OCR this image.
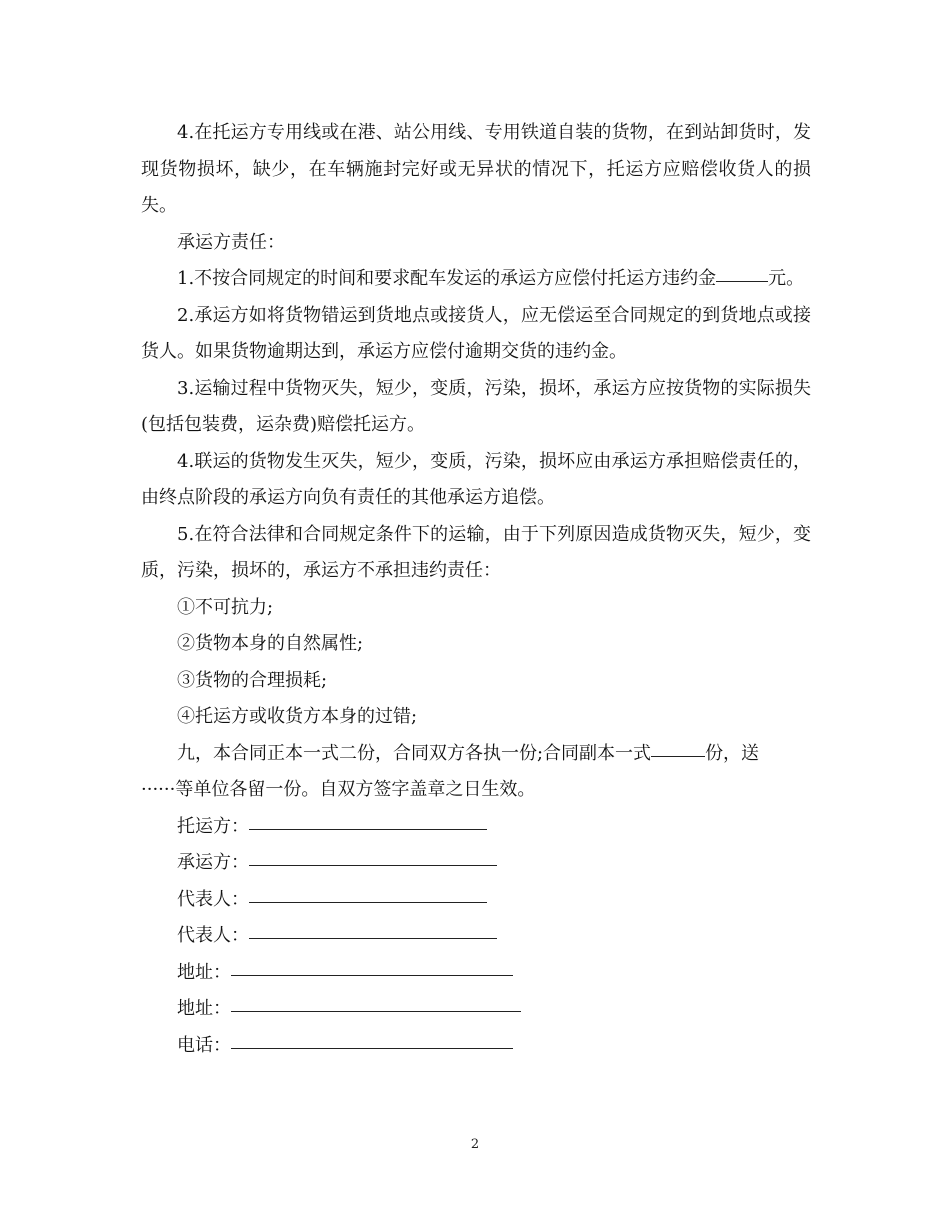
4.在托运方专用线或在港、站公用线、专用铁道自装的货物，在到站卸货时，发现货物损坏，缺少，在车辆施封完好或无异状的情况下，托运方应赔偿收货人的损失。

承运方责任：

1.不按合同规定的时间和要求配车发运的承运方应偿付托运方违约金	元。

2.承运方如将货物错运到货地点或接货人，应无偿运至合同规定的到货地点或接货人。如果货物逾期达到，承运方应偿付逾期交货的违约金。

3.运输过程中货物灭失，短少，变质，污染，损坏，承运方应按货物的实际损失(包括包装费，运杂费)赔偿托运方。

4.联运的货物发生灭失，短少，变质，污染，损坏应由承运方承担赔偿责任的，由终点阶段的承运方向负有责任的其他承运方追偿。

5.在符合法律和合同规定条件下的运输，由于下列原因造成货物灭失，短少，变质，污染，损坏的，承运方不承担违约责任：

①不可抗力;

②货物本身的自然属性;

③货物的合理损耗;

④托运方或收货方本身的过错;

九，本合同正本一式二份，合同双方各执一份;合同副本一式	份，送

······等单位各留一份。自双方签字盖章之日生效。

托运方：

承运方：

代表人：

代表人：

地址：

地址：

电话：

2
